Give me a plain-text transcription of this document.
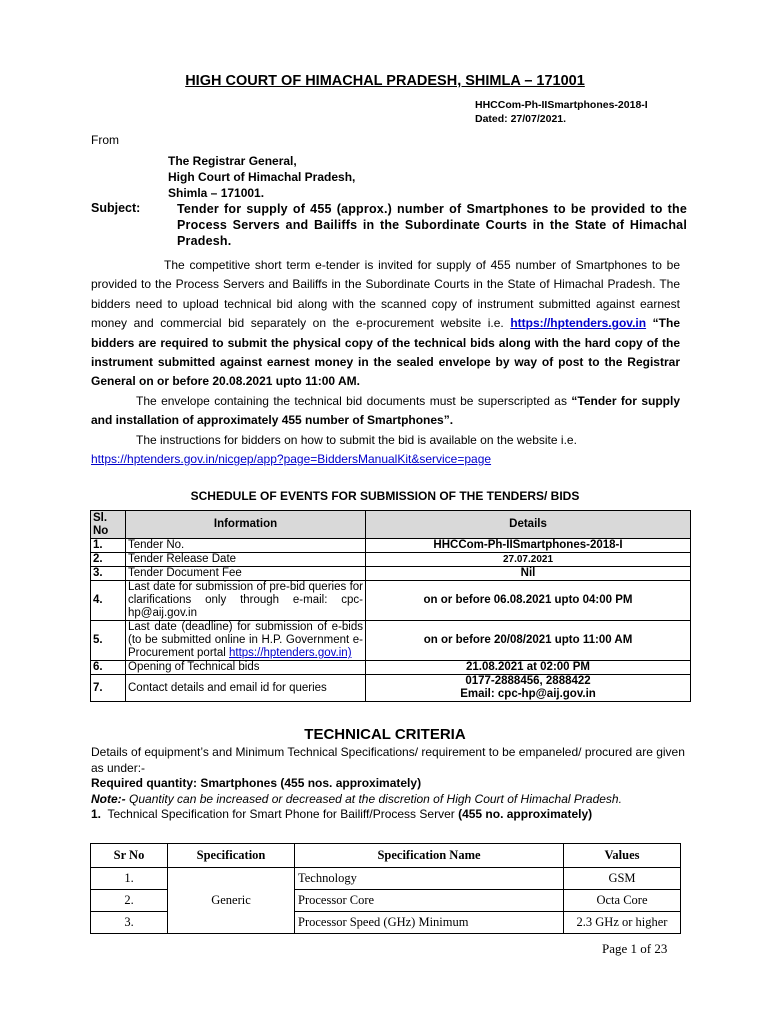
HIGH COURT OF HIMACHAL PRADESH, SHIMLA – 171001
HHCCom-Ph-IISmartphones-2018-I
Dated: 27/07/2021.
From
The Registrar General,
High Court of Himachal Pradesh,
Shimla – 171001.
Subject:	Tender for supply of 455 (approx.) number of Smartphones to be provided to the Process Servers and Bailiffs in the Subordinate Courts in the State of Himachal Pradesh.

The competitive short term e-tender is invited for supply of 455 number of Smartphones to be provided to the Process Servers and Bailiffs in the Subordinate Courts in the State of Himachal Pradesh. The bidders need to upload technical bid along with the scanned copy of instrument submitted against earnest money and commercial bid separately on the e-procurement website i.e. https://hptenders.gov.in “The bidders are required to submit the physical copy of the technical bids along with the hard copy of the instrument submitted against earnest money in the sealed envelope by way of post to the Registrar General on or before 20.08.2021 upto 11:00 AM.

The envelope containing the technical bid documents must be superscripted as “Tender for supply and installation of approximately 455 number of Smartphones”.

The instructions for bidders on how to submit the bid is available on the website i.e.
https://hptenders.gov.in/nicgep/app?page=BiddersManualKit&service=page

SCHEDULE OF EVENTS FOR SUBMISSION OF THE TENDERS/ BIDS
Sl. No	Information	Details
1.	Tender No.	HHCCom-Ph-IISmartphones-2018-I
2.	Tender Release Date	27.07.2021
3.	Tender Document Fee	Nil
4.	Last date for submission of pre-bid queries for clarifications only through e-mail: cpc-hp@aij.gov.in	on or before 06.08.2021 upto 04:00 PM
5.	Last date (deadline) for submission of e-bids (to be submitted online in H.P. Government e-Procurement portal https://hptenders.gov.in)	on or before 20/08/2021 upto 11:00 AM
6.	Opening of Technical bids	21.08.2021 at 02:00 PM
7.	Contact details and email id for queries	0177-2888456, 2888422
Email: cpc-hp@aij.gov.in
TECHNICAL CRITERIA

Details of equipment’s and Minimum Technical Specifications/ requirement to be empaneled/ procured are given as under:-

Required quantity: Smartphones (455 nos. approximately)

Note:- Quantity can be increased or decreased at the discretion of High Court of Himachal Pradesh.

1. Technical Specification for Smart Phone for Bailiff/Process Server (455 no. approximately)

Sr No	Specification	Specification Name	Values
1.	Generic	Technology	GSM
2.		Processor Core	Octa Core
3.		Processor Speed (GHz) Minimum	2.3 GHz or higher
Page 1 of 23
